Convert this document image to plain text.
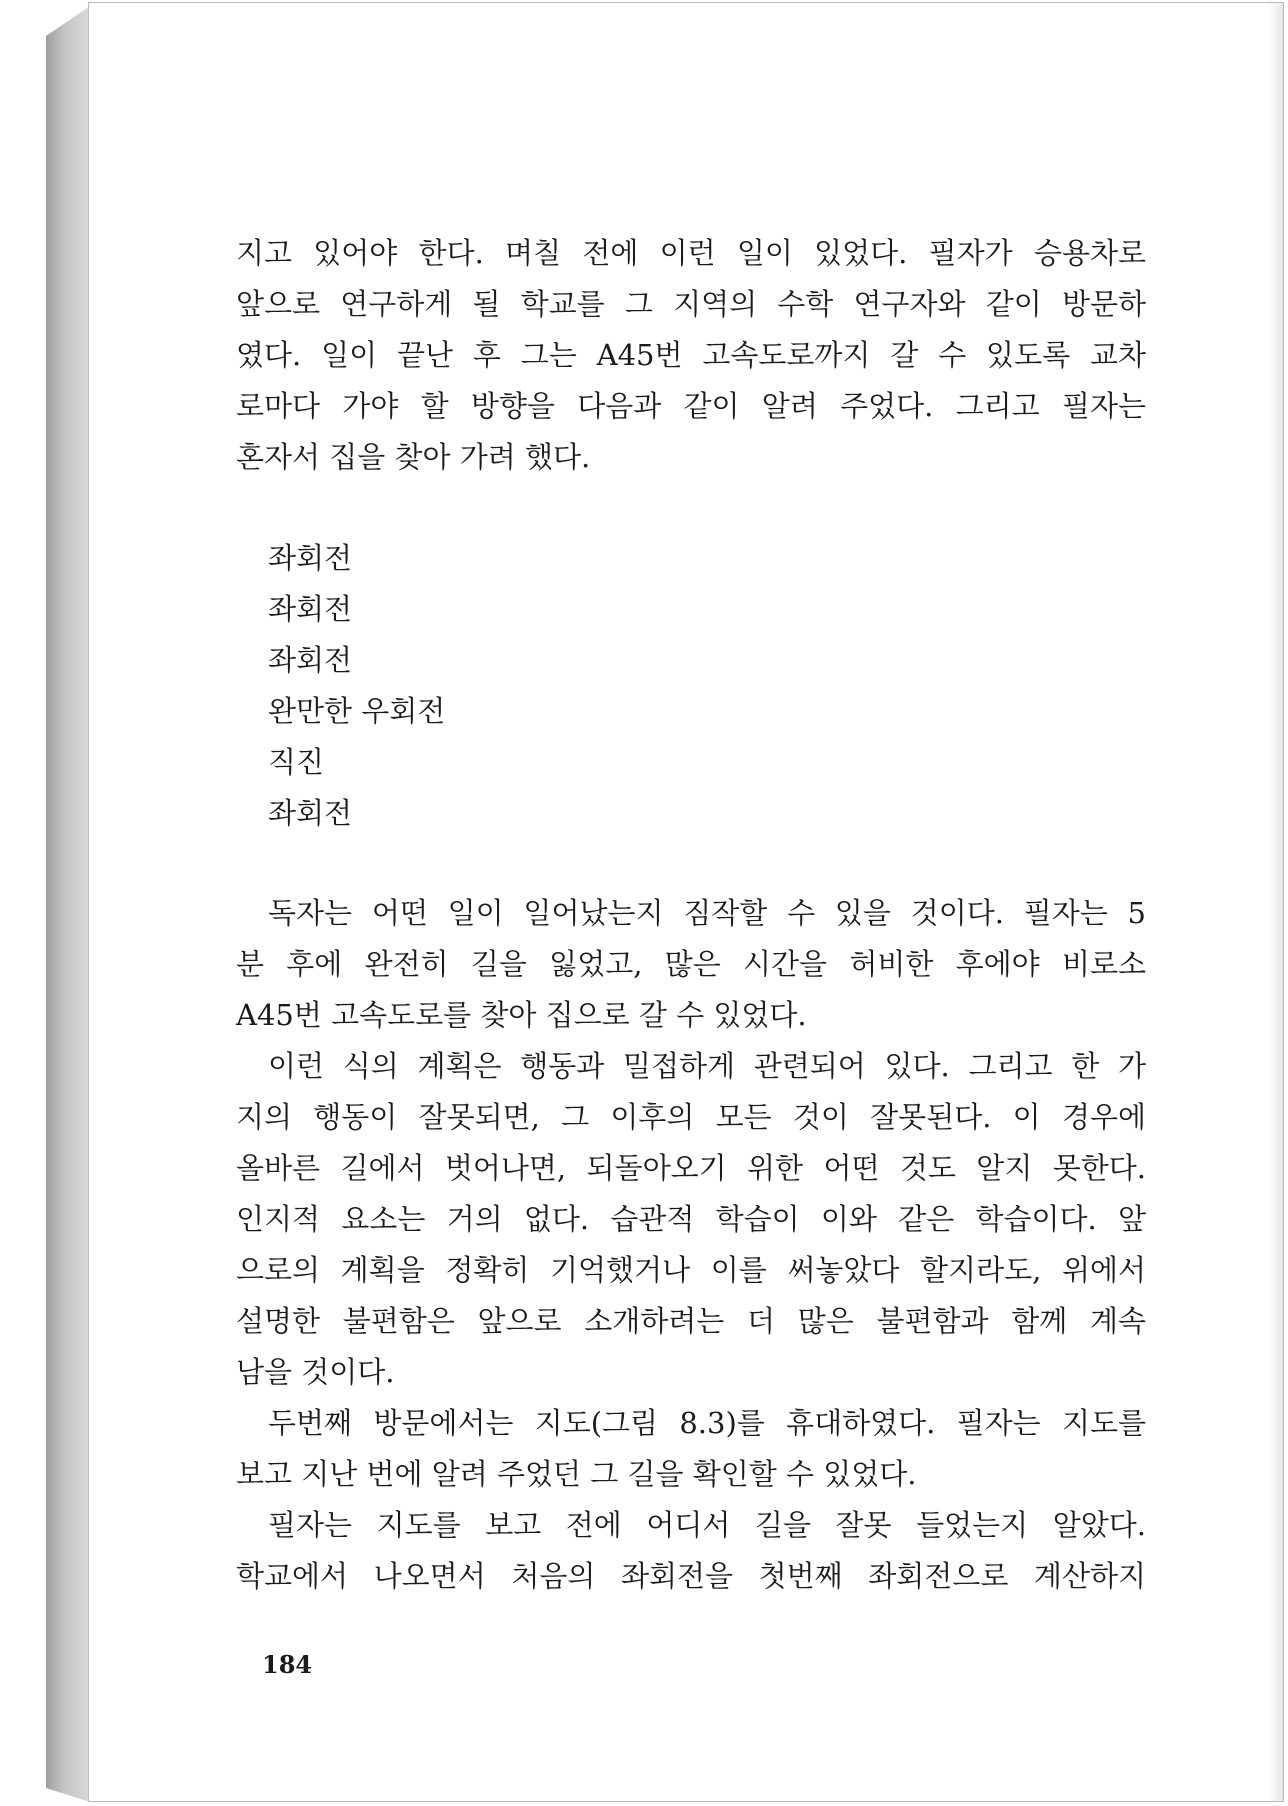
지고 있어야 한다. 며칠 전에 이런 일이 있었다. 필자가 승용차로
앞으로 연구하게 될 학교를 그 지역의 수학 연구자와 같이 방문하
였다. 일이 끝난 후 그는 A45번 고속도로까지 갈 수 있도록 교차
로마다 가야 할 방향을 다음과 같이 알려 주었다. 그리고 필자는
혼자서 집을 찾아 가려 했다.
좌회전
좌회전
좌회전
완만한 우회전
직진
좌회전
독자는 어떤 일이 일어났는지 짐작할 수 있을 것이다. 필자는 5
분 후에 완전히 길을 잃었고, 많은 시간을 허비한 후에야 비로소
A45번 고속도로를 찾아 집으로 갈 수 있었다.
이런 식의 계획은 행동과 밀접하게 관련되어 있다. 그리고 한 가
지의 행동이 잘못되면, 그 이후의 모든 것이 잘못된다. 이 경우에
올바른 길에서 벗어나면, 되돌아오기 위한 어떤 것도 알지 못한다.
인지적 요소는 거의 없다. 습관적 학습이 이와 같은 학습이다. 앞
으로의 계획을 정확히 기억했거나 이를 써놓았다 할지라도, 위에서
설명한 불편함은 앞으로 소개하려는 더 많은 불편함과 함께 계속
남을 것이다.
두번째 방문에서는 지도(그림 8.3)를 휴대하였다. 필자는 지도를
보고 지난 번에 알려 주었던 그 길을 확인할 수 있었다.
필자는 지도를 보고 전에 어디서 길을 잘못 들었는지 알았다.
학교에서 나오면서 처음의 좌회전을 첫번째 좌회전으로 계산하지
184
